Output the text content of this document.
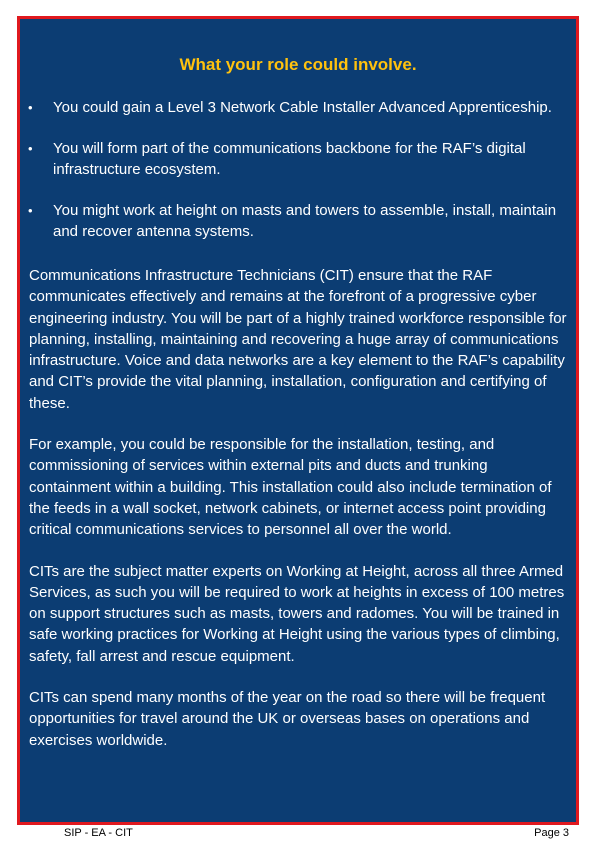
What your role could involve.
• You could gain a Level 3 Network Cable Installer Advanced Apprenticeship.
• You will form part of the communications backbone for the RAF’s digital infrastructure ecosystem.
• You might work at height on masts and towers to assemble, install, maintain and recover antenna systems.

Communications Infrastructure Technicians (CIT) ensure that the RAF communicates effectively and remains at the forefront of a progressive cyber engineering industry. You will be part of a highly trained workforce responsible for planning, installing, maintaining and recovering a huge array of communications infrastructure. Voice and data networks are a key element to the RAF’s capability and CIT’s provide the vital planning, installation, configuration and certifying of these.

For example, you could be responsible for the installation, testing, and commissioning of services within external pits and ducts and trunking containment within a building. This installation could also include termination of the feeds in a wall socket, network cabinets, or internet access point providing critical communications services to personnel all over the world.

CITs are the subject matter experts on Working at Height, across all three Armed Services, as such you will be required to work at heights in excess of 100 metres on support structures such as masts, towers and radomes. You will be trained in safe working practices for Working at Height using the various types of climbing, safety, fall arrest and rescue equipment.

CITs can spend many months of the year on the road so there will be frequent opportunities for travel around the UK or overseas bases on operations and exercises worldwide.

SIP - EA - CIT	Page 3
